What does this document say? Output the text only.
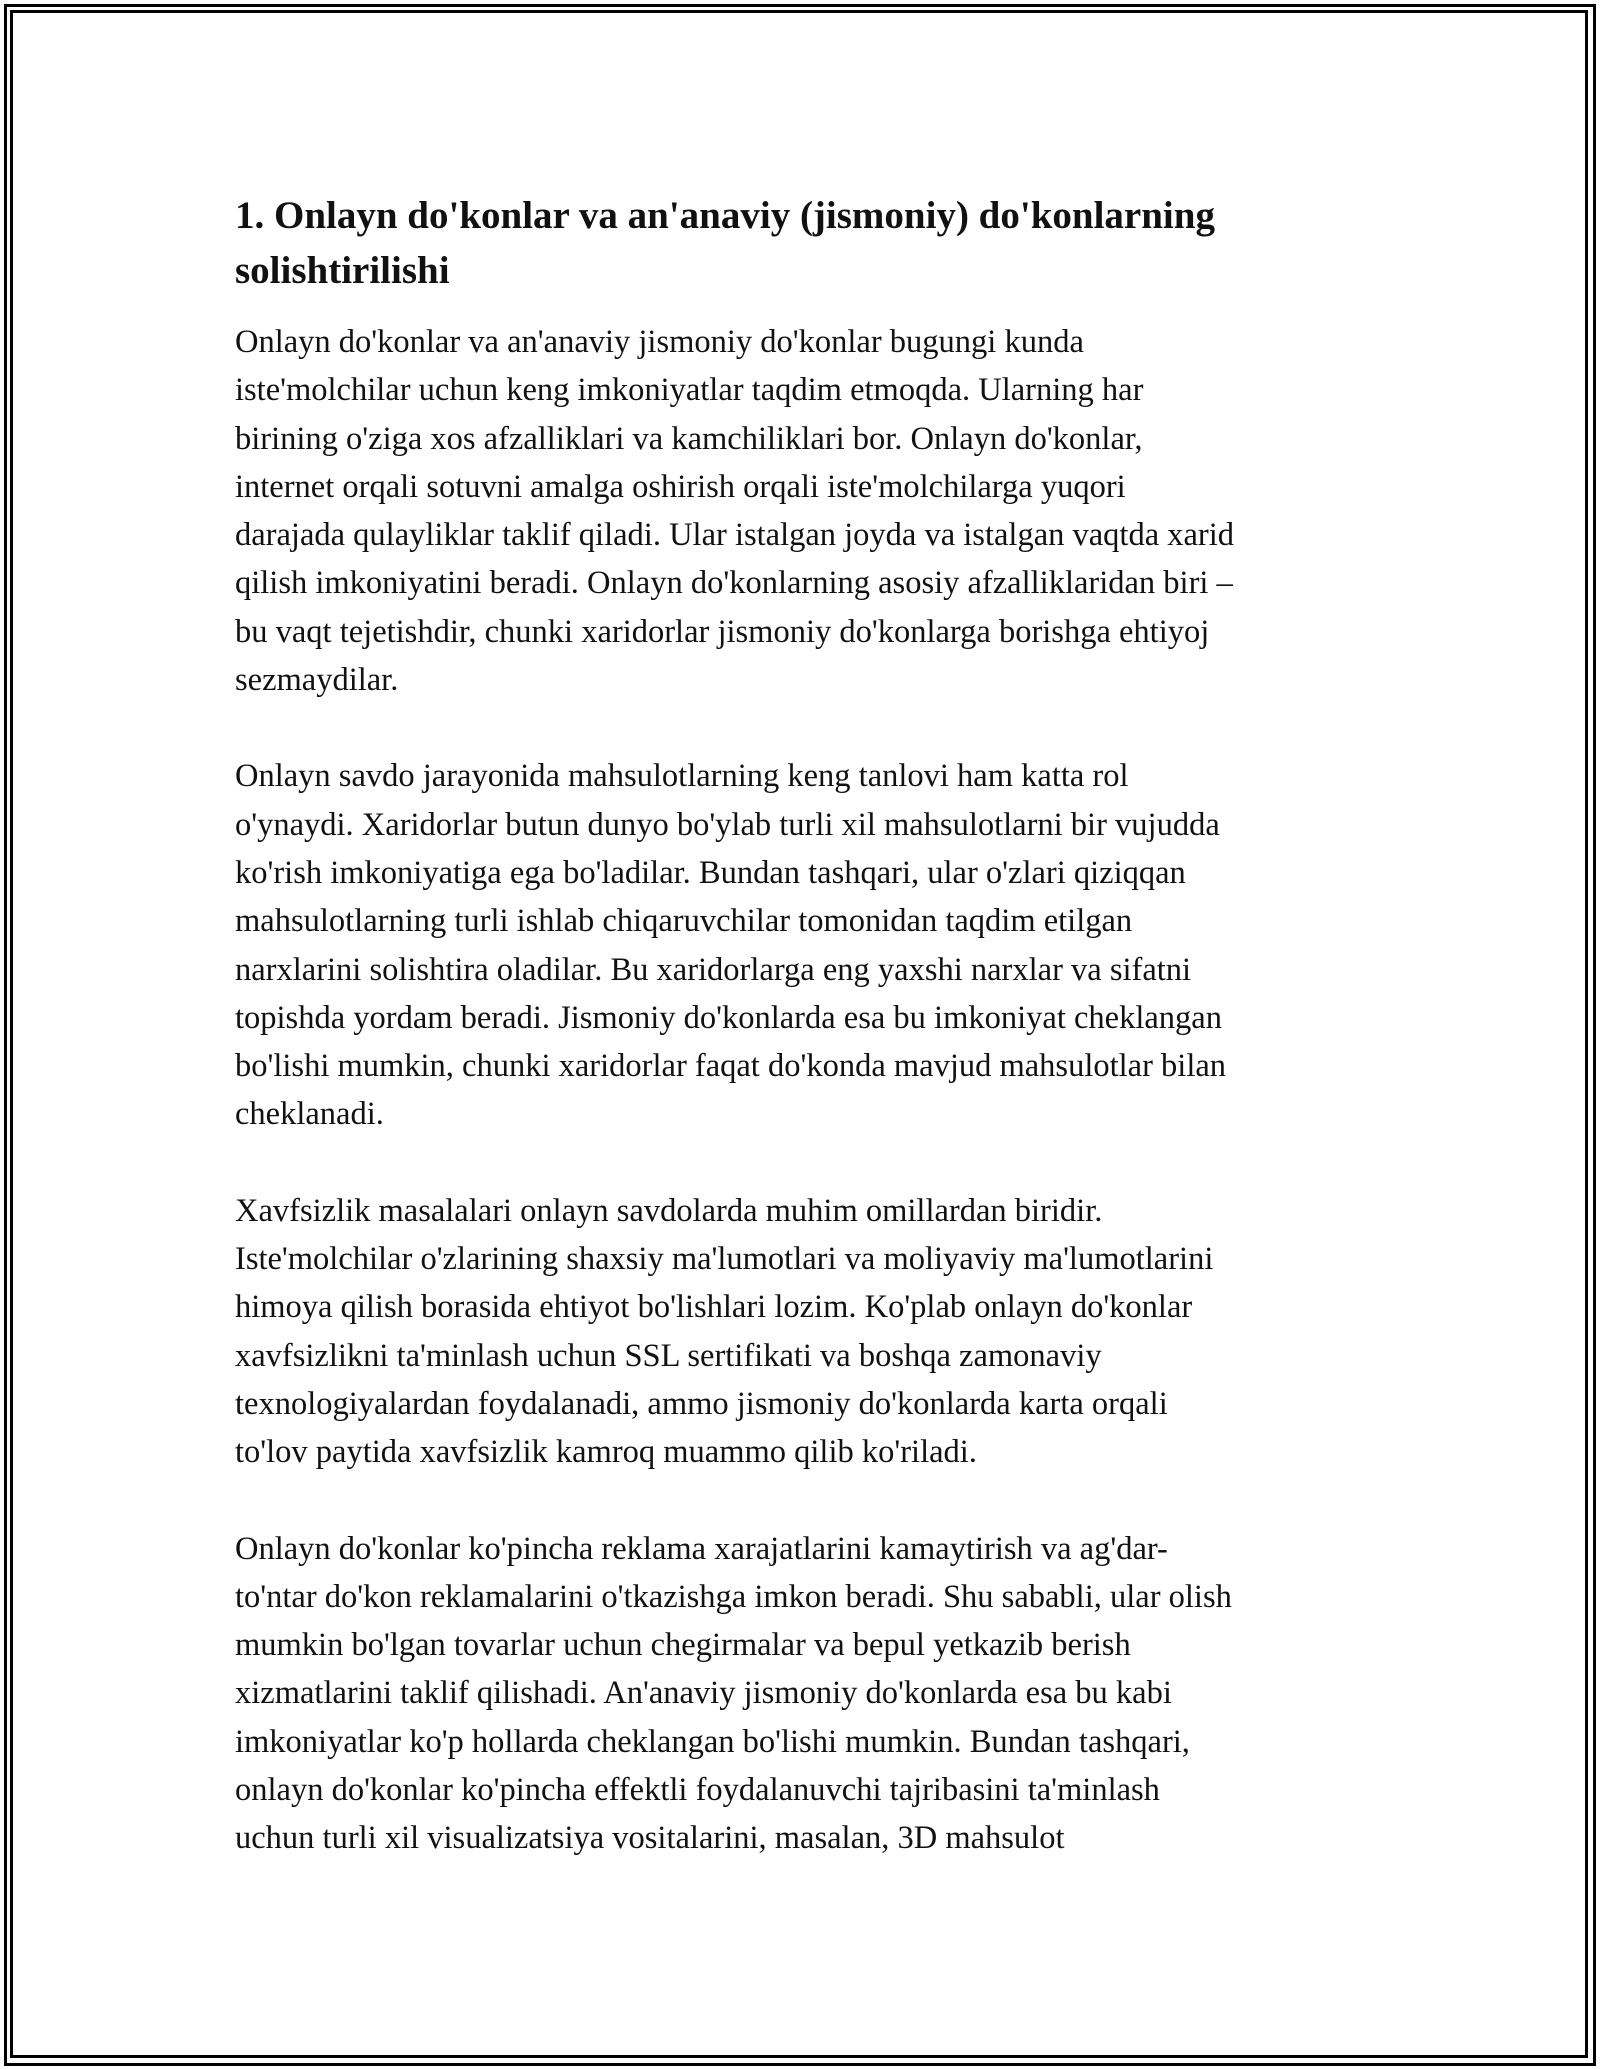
1. Onlayn do'konlar va an'anaviy (jismoniy) do'konlarning
solishtirilishi

Onlayn do'konlar va an'anaviy jismoniy do'konlar bugungi kunda
iste'molchilar uchun keng imkoniyatlar taqdim etmoqda. Ularning har
birining o'ziga xos afzalliklari va kamchiliklari bor. Onlayn do'konlar,
internet orqali sotuvni amalga oshirish orqali iste'molchilarga yuqori
darajada qulayliklar taklif qiladi. Ular istalgan joyda va istalgan vaqtda xarid
qilish imkoniyatini beradi. Onlayn do'konlarning asosiy afzalliklaridan biri –
bu vaqt tejetishdir, chunki xaridorlar jismoniy do'konlarga borishga ehtiyoj
sezmaydilar.

Onlayn savdo jarayonida mahsulotlarning keng tanlovi ham katta rol
o'ynaydi. Xaridorlar butun dunyo bo'ylab turli xil mahsulotlarni bir vujudda
ko'rish imkoniyatiga ega bo'ladilar. Bundan tashqari, ular o'zlari qiziqqan
mahsulotlarning turli ishlab chiqaruvchilar tomonidan taqdim etilgan
narxlarini solishtira oladilar. Bu xaridorlarga eng yaxshi narxlar va sifatni
topishda yordam beradi. Jismoniy do'konlarda esa bu imkoniyat cheklangan
bo'lishi mumkin, chunki xaridorlar faqat do'konda mavjud mahsulotlar bilan
cheklanadi.

Xavfsizlik masalalari onlayn savdolarda muhim omillardan biridir.
Iste'molchilar o'zlarining shaxsiy ma'lumotlari va moliyaviy ma'lumotlarini
himoya qilish borasida ehtiyot bo'lishlari lozim. Ko'plab onlayn do'konlar
xavfsizlikni ta'minlash uchun SSL sertifikati va boshqa zamonaviy
texnologiyalardan foydalanadi, ammo jismoniy do'konlarda karta orqali
to'lov paytida xavfsizlik kamroq muammo qilib ko'riladi.

Onlayn do'konlar ko'pincha reklama xarajatlarini kamaytirish va ag'dar-
to'ntar do'kon reklamalarini o'tkazishga imkon beradi. Shu sababli, ular olish
mumkin bo'lgan tovarlar uchun chegirmalar va bepul yetkazib berish
xizmatlarini taklif qilishadi. An'anaviy jismoniy do'konlarda esa bu kabi
imkoniyatlar ko'p hollarda cheklangan bo'lishi mumkin. Bundan tashqari,
onlayn do'konlar ko'pincha effektli foydalanuvchi tajribasini ta'minlash
uchun turli xil visualizatsiya vositalarini, masalan, 3D mahsulot
